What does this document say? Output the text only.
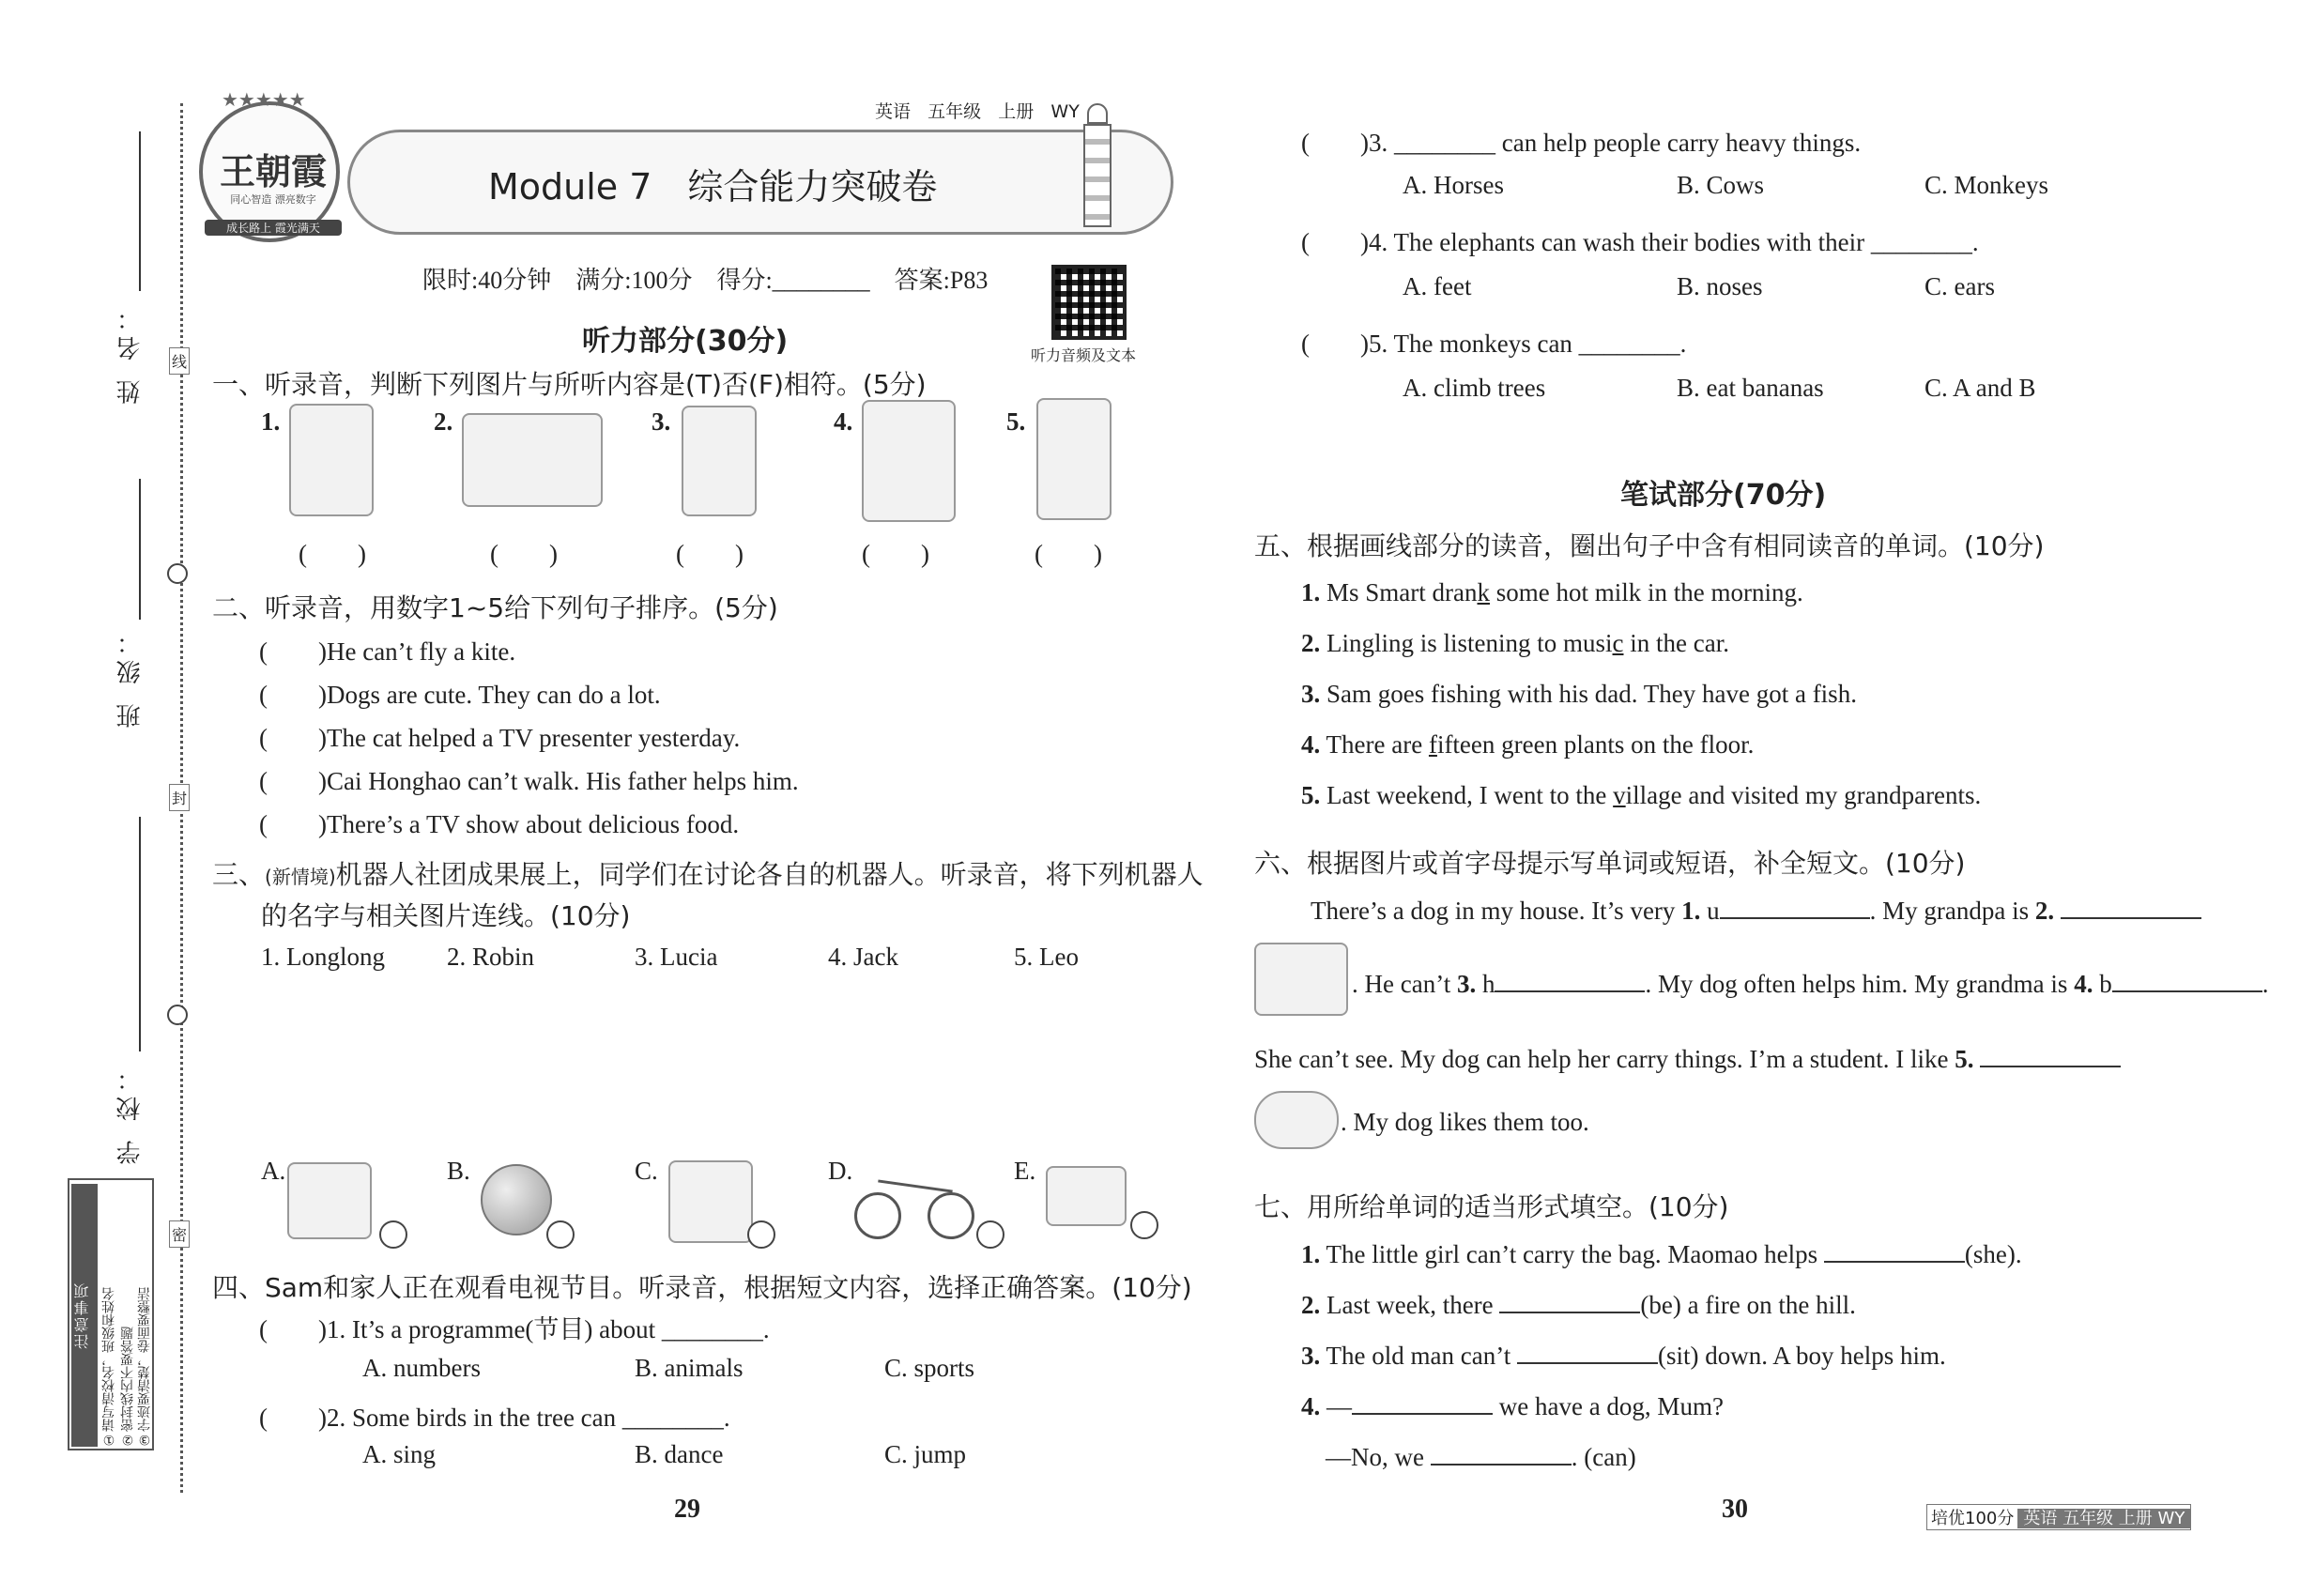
姓 名：
班 级：
学 校：
线
封
密
注意事项 ①请写清校名，班级和姓名 ②密封线内不要答题 ③字迹要清楚，卷面要整洁
★★★★★
王朝霞
同心智造 漂亮数字
成长路上 霞光满天
Module 7　综合能力突破卷
英语 五年级 上册 WY
限时:40分钟　满分:100分　得分:________　答案:P83
听力音频及文本
听力部分(30分)
一、听录音，判断下列图片与所听内容是(T)否(F)相符。(5分)
1.	2.	3.	4.	5.
(　　)	(　　)	(　　)	(　　)	(　　)
二、听录音，用数字1~5给下列句子排序。(5分)
(　　)He can’t fly a kite.
(　　)Dogs are cute. They can do a lot.
(　　)The cat helped a TV presenter yesterday.
(　　)Cai Honghao can’t walk. His father helps him.
(　　)There’s a TV show about delicious food.
三、(新情境)机器人社团成果展上，同学们在讨论各自的机器人。听录音，将下列机器人
的名字与相关图片连线。(10分)
1. Longlong 2. Robin	3. Lucia	4. Jack	5. Leo
A.	B.	C.	D.	E.
四、Sam和家人正在观看电视节目。听录音，根据短文内容，选择正确答案。(10分)
(　　)1. It’s a programme(节目) about ________.
A. numbers	B. animals	C. sports
(　　)2. Some birds in the tree can ________.
A. sing	B. dance	C. jump
29
(　　)3. ________ can help people carry heavy things.
A. Horses	B. Cows	C. Monkeys
(　　)4. The elephants can wash their bodies with their ________.
A. feet	B. noses	C. ears
(　　)5. The monkeys can ________.
A. climb trees	B. eat bananas	C. A and B
笔试部分(70分)
五、根据画线部分的读音，圈出句子中含有相同读音的单词。(10分)
1. Ms Smart drank some hot milk in the morning.
2. Lingling is listening to music in the car.
3. Sam goes fishing with his dad. They have got a fish.
4. There are fifteen green plants on the floor.
5. Last weekend, I went to the village and visited my grandparents.
六、根据图片或首字母提示写单词或短语，补全短文。(10分)
There’s a dog in my house. It’s very 1. u	. My grandpa is 2.
. He can’t 3. h	. My dog often helps him. My grandma is 4. b	.
She can’t see. My dog can help her carry things. I’m a student. I like 5.
. My dog likes them too.
七、用所给单词的适当形式填空。(10分)
1. The little girl can’t carry the bag. Maomao helps	(she).
2. Last week, there	(be) a fire on the hill.
3. The old man can’t	(sit) down. A boy helps him.
4. —	we have a dog, Mum?
—No, we	. (can)
30	培优100分 英语 五年级 上册 WY
